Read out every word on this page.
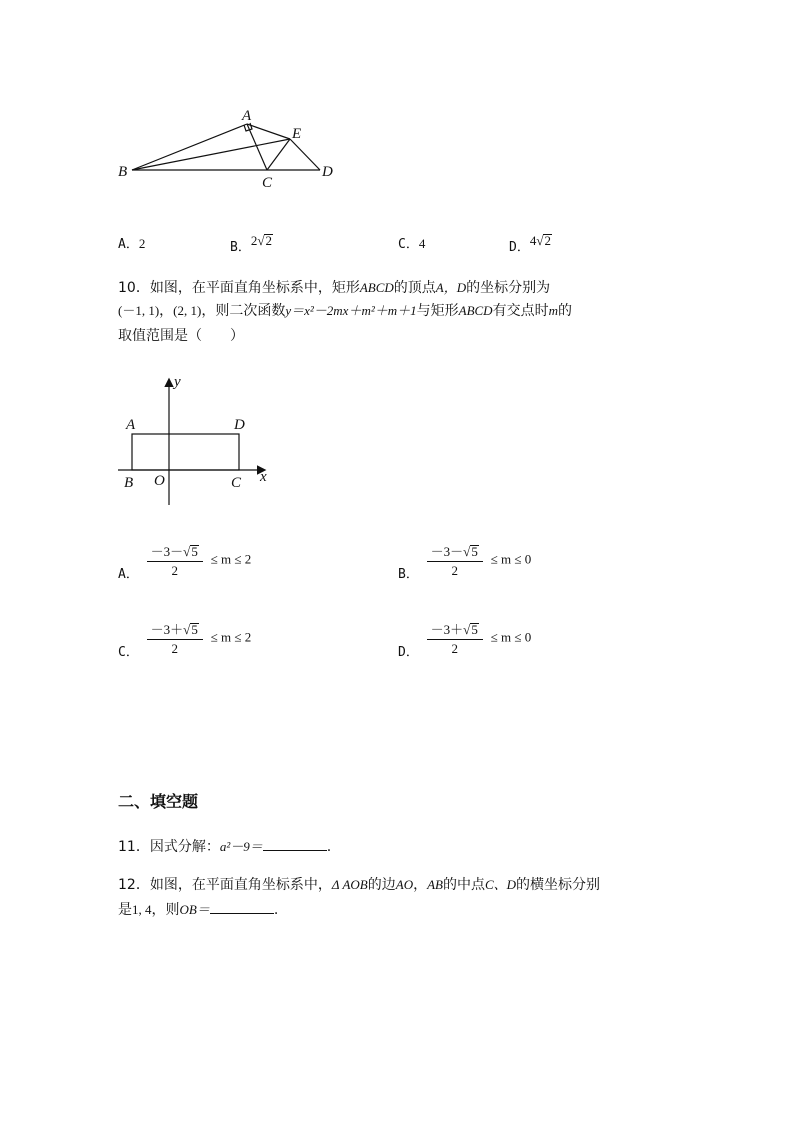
A
B
C
D
E
A．2	B．2√2	C．4	D．4√2
10．如图，在平面直角坐标系中，矩形ABCD的顶点A，D的坐标分别为
(－1, 1)，(2, 1)，则二次函数y＝x²－2mx＋m²＋m＋1与矩形ABCD有交点时m的
取值范围是（　　）
y
x
A	D
B O	C
A． $\frac{-3-√5}{2} \le m \le 2$
B． $\frac{-3-√5}{2} \le m \le 0$
C． $\frac{-3+√5}{2} \le m \le 2$
D． $\frac{-3+√5}{2} \le m \le 0$
二、填空题
11．因式分解：a²－9＝	.
12．如图，在平面直角坐标系中，Δ AOB的边AO，AB的中点C、D的横坐标分别
是1, 4，则OB＝	.
